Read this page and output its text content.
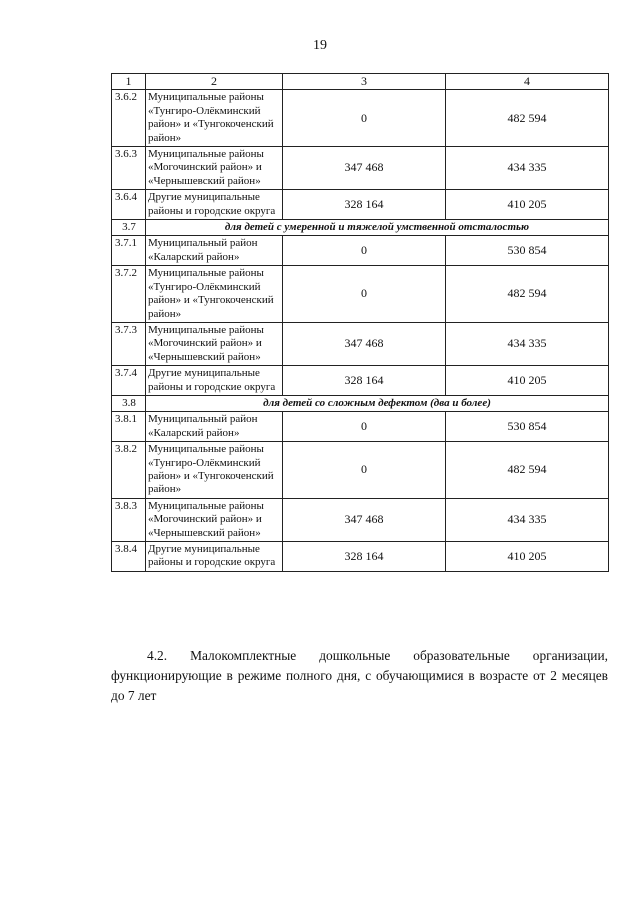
19
1	2	3	4
3.6.2	Муниципальные районы «Тунгиро-Олёкминский район» и «Тунгокоченский район»	0	482 594
3.6.3	Муниципальные районы «Могочинский район» и «Чернышевский район»	347 468	434 335
3.6.4	Другие муниципальные районы и городские округа	328 164	410 205
3.7	для детей с умеренной и тяжелой умственной отсталостью		
3.7.1	Муниципальный район «Каларский район»	0	530 854
3.7.2	Муниципальные районы «Тунгиро-Олёкминский район» и «Тунгокоченский район»	0	482 594
3.7.3	Муниципальные районы «Могочинский район» и «Чернышевский район»	347 468	434 335
3.7.4	Другие муниципальные районы и городские округа	328 164	410 205
3.8	для детей со сложным дефектом (два и более)		
3.8.1	Муниципальный район «Каларский район»	0	530 854
3.8.2	Муниципальные районы «Тунгиро-Олёкминский район» и «Тунгокоченский район»	0	482 594
3.8.3	Муниципальные районы «Могочинский район» и «Чернышевский район»	347 468	434 335
3.8.4	Другие муниципальные районы и городские округа	328 164	410 205
4.2. Малокомплектные дошкольные образовательные организации, функционирующие в режиме полного дня, с обучающимися в возрасте от 2 месяцев до 7 лет
